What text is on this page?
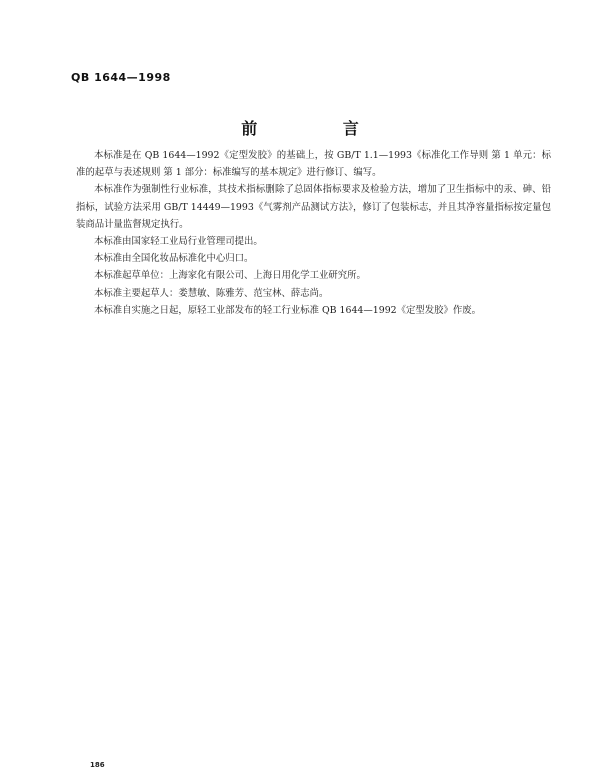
QB 1644—1998
前 言

本标准是在 QB 1644—1992《定型发胶》的基础上，按 GB/T 1.1—1993《标准化工作导则 第 1 单元：标准的起草与表述规则 第 1 部分：标准编写的基本规定》进行修订、编写。

本标准作为强制性行业标准，其技术指标删除了总固体指标要求及检验方法，增加了卫生指标中的汞、砷、铅指标，试验方法采用 GB/T 14449—1993《气雾剂产品测试方法》，修订了包装标志，并且其净容量指标按定量包装商品计量监督规定执行。

本标准由国家轻工业局行业管理司提出。

本标准由全国化妆品标准化中心归口。

本标准起草单位：上海家化有限公司、上海日用化学工业研究所。

本标准主要起草人：娄慧敏、陈雅芳、范宝林、薛志尚。

本标准自实施之日起，原轻工业部发布的轻工行业标准 QB 1644—1992《定型发胶》作废。

186
